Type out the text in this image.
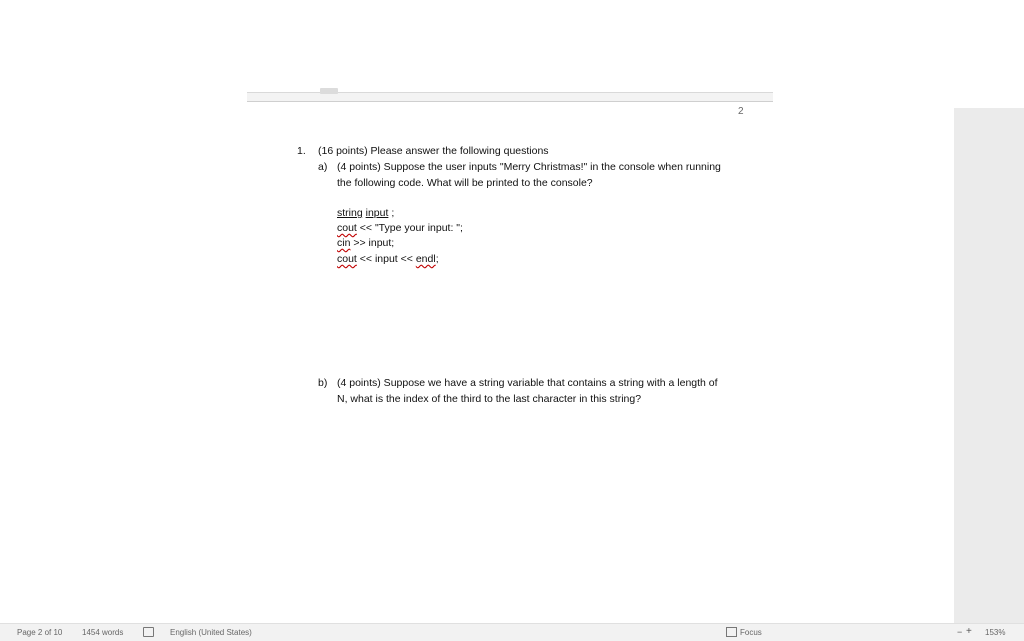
2
1. (16 points) Please answer the following questions
a) (4 points) Suppose the user inputs "Merry Christmas!" in the console when running
the following code. What will be printed to the console?
string input ;
cout << "Type your input: ";
cin >> input;
cout << input << endl;
b) (4 points) Suppose we have a string variable that contains a string with a length of
N, what is the index of the third to the last character in this string?
Page 2 of 10 1454 words	English (United States)	Focus	− + 153%
